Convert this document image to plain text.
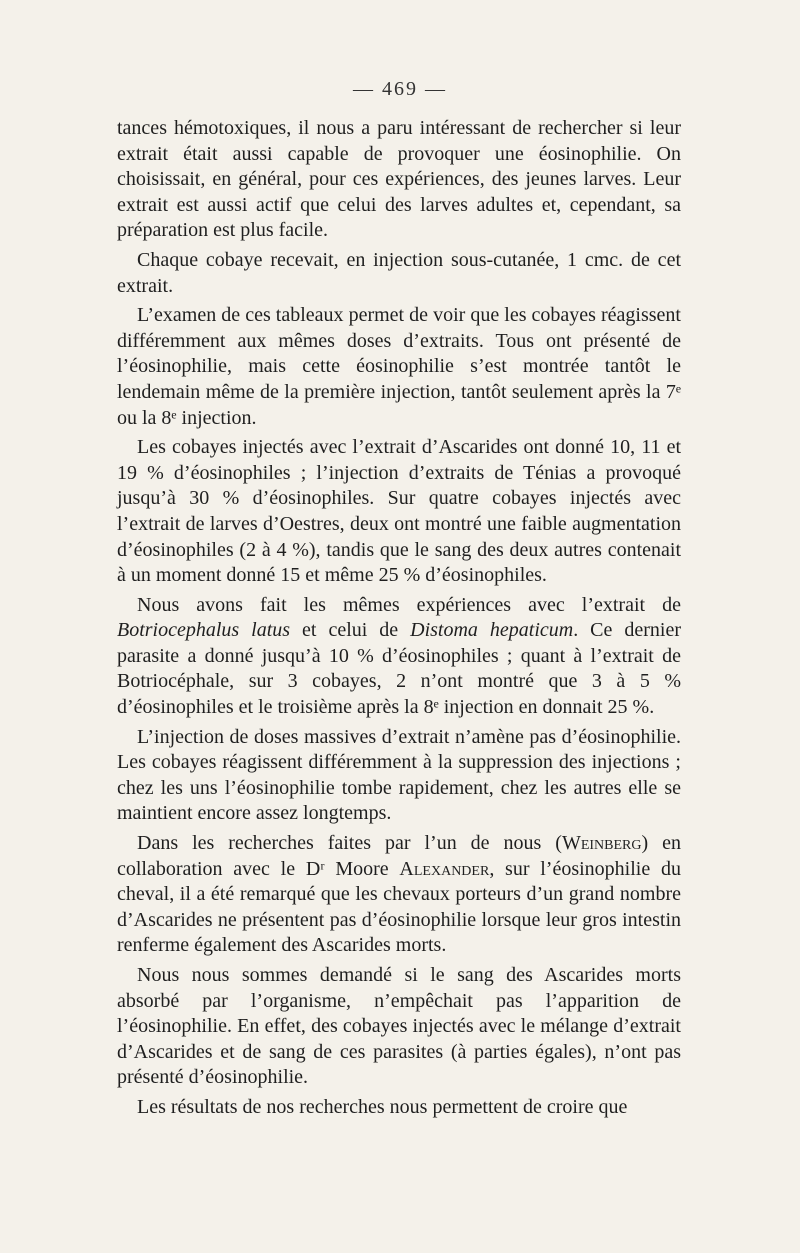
— 469 —

tances hémotoxiques, il nous a paru intéressant de rechercher si leur extrait était aussi capable de provoquer une éosinophilie. On choisissait, en général, pour ces expériences, des jeunes larves. Leur extrait est aussi actif que celui des larves adultes et, cependant, sa préparation est plus facile.

Chaque cobaye recevait, en injection sous-cutanée, 1 cmc. de cet extrait.

L’examen de ces tableaux permet de voir que les cobayes réagissent différemment aux mêmes doses d’extraits. Tous ont présenté de l’éosinophilie, mais cette éosinophilie s’est montrée tantôt le lendemain même de la première injection, tantôt seulement après la 7ᵉ ou la 8ᵉ injection.

Les cobayes injectés avec l’extrait d’Ascarides ont donné 10, 11 et 19 % d’éosinophiles ; l’injection d’extraits de Ténias a provoqué jusqu’à 30 % d’éosinophiles. Sur quatre cobayes injectés avec l’extrait de larves d’Oestres, deux ont montré une faible augmentation d’éosinophiles (2 à 4 %), tandis que le sang des deux autres contenait à un moment donné 15 et même 25 % d’éosinophiles.

Nous avons fait les mêmes expériences avec l’extrait de Botriocephalus latus et celui de Distoma hepaticum. Ce dernier parasite a donné jusqu’à 10 % d’éosinophiles ; quant à l’extrait de Botriocéphale, sur 3 cobayes, 2 n’ont montré que 3 à 5 % d’éosinophiles et le troisième après la 8ᵉ injection en donnait 25 %.

L’injection de doses massives d’extrait n’amène pas d’éosinophilie. Les cobayes réagissent différemment à la suppression des injections ; chez les uns l’éosinophilie tombe rapidement, chez les autres elle se maintient encore assez longtemps.

Dans les recherches faites par l’un de nous (Weinberg) en collaboration avec le Dʳ Moore Alexander, sur l’éosinophilie du cheval, il a été remarqué que les chevaux porteurs d’un grand nombre d’Ascarides ne présentent pas d’éosinophilie lorsque leur gros intestin renferme également des Ascarides morts.

Nous nous sommes demandé si le sang des Ascarides morts absorbé par l’organisme, n’empêchait pas l’apparition de l’éosinophilie. En effet, des cobayes injectés avec le mélange d’extrait d’Ascarides et de sang de ces parasites (à parties égales), n’ont pas présenté d’éosinophilie.

Les résultats de nos recherches nous permettent de croire que
